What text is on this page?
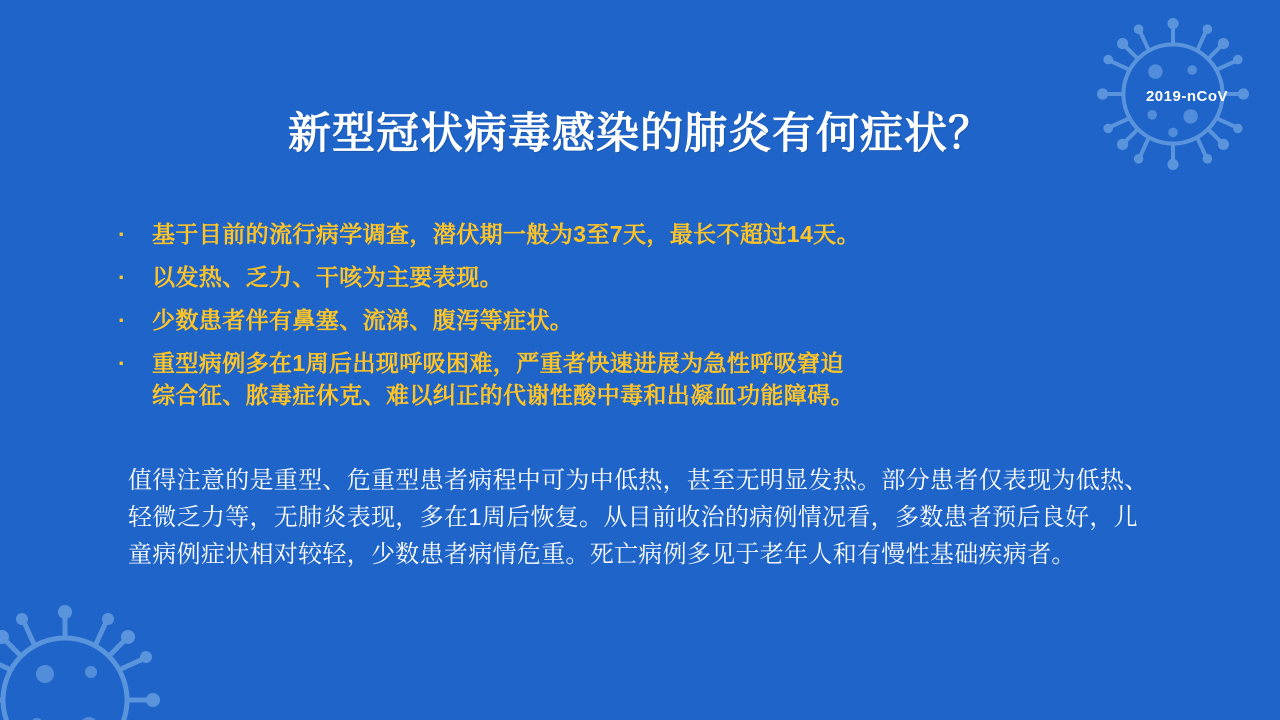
2019-nCoV
新型冠状病毒感染的肺炎有何症状？
·	基于目前的流行病学调查，潜伏期一般为3至7天，最长不超过14天。
·	以发热、乏力、干咳为主要表现。
·	少数患者伴有鼻塞、流涕、腹泻等症状。
·	重型病例多在1周后出现呼吸困难，严重者快速进展为急性呼吸窘迫
综合征、脓毒症休克、难以纠正的代谢性酸中毒和出凝血功能障碍。

值得注意的是重型、危重型患者病程中可为中低热，甚至无明显发热。部分患者仅表现为低热、轻微乏力等，无肺炎表现，多在1周后恢复。从目前收治的病例情况看，多数患者预后良好，儿童病例症状相对较轻，少数患者病情危重。死亡病例多见于老年人和有慢性基础疾病者。
